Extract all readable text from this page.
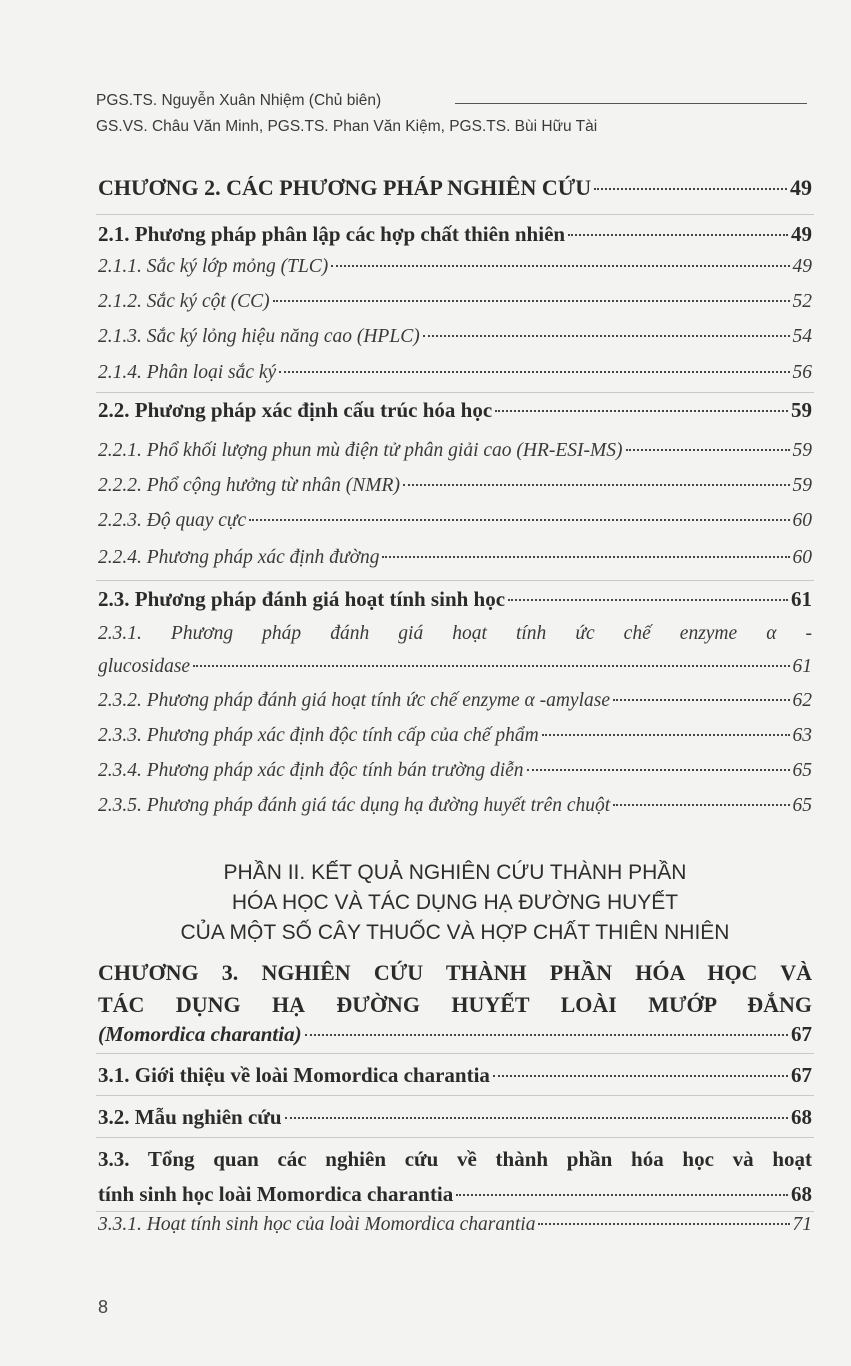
PGS.TS. Nguyễn Xuân Nhiệm (Chủ biên)
GS.VS. Châu Văn Minh, PGS.TS. Phan Văn Kiệm, PGS.TS. Bùi Hữu Tài
CHƯƠNG 2. CÁC PHƯƠNG PHÁP NGHIÊN CỨU	49
2.1. Phương pháp phân lập các hợp chất thiên nhiên	49
2.1.1. Sắc ký lớp mỏng (TLC)	49
2.1.2. Sắc ký cột (CC)	52
2.1.3. Sắc ký lỏng hiệu năng cao (HPLC)	54
2.1.4. Phân loại sắc ký	56
2.2. Phương pháp xác định cấu trúc hóa học	59
2.2.1. Phổ khối lượng phun mù điện tử phân giải cao (HR-ESI-MS)	59
2.2.2. Phổ cộng hưởng từ nhân (NMR)	59
2.2.3. Độ quay cực	60
2.2.4. Phương pháp xác định đường	60
2.3. Phương pháp đánh giá hoạt tính sinh học	61
2.3.1. Phương pháp đánh giá hoạt tính ức chế enzyme α -
glucosidase	61
2.3.2. Phương pháp đánh giá hoạt tính ức chế enzyme α -amylase	62
2.3.3. Phương pháp xác định độc tính cấp của chế phẩm	63
2.3.4. Phương pháp xác định độc tính bán trường diễn	65
2.3.5. Phương pháp đánh giá tác dụng hạ đường huyết trên chuột	65
PHẦN II. KẾT QUẢ NGHIÊN CỨU THÀNH PHẦN
HÓA HỌC VÀ TÁC DỤNG HẠ ĐƯỜNG HUYẾT
CỦA MỘT SỐ CÂY THUỐC VÀ HỢP CHẤT THIÊN NHIÊN
CHƯƠNG 3. NGHIÊN CỨU THÀNH PHẦN HÓA HỌC VÀ
TÁC DỤNG HẠ ĐƯỜNG HUYẾT LOÀI MƯỚP ĐẮNG
(Momordica charantia)	67
3.1. Giới thiệu về loài Momordica charantia	67
3.2. Mẫu nghiên cứu	68
3.3. Tổng quan các nghiên cứu về thành phần hóa học và hoạt
tính sinh học loài Momordica charantia	68
3.3.1. Hoạt tính sinh học của loài Momordica charantia	71
8
